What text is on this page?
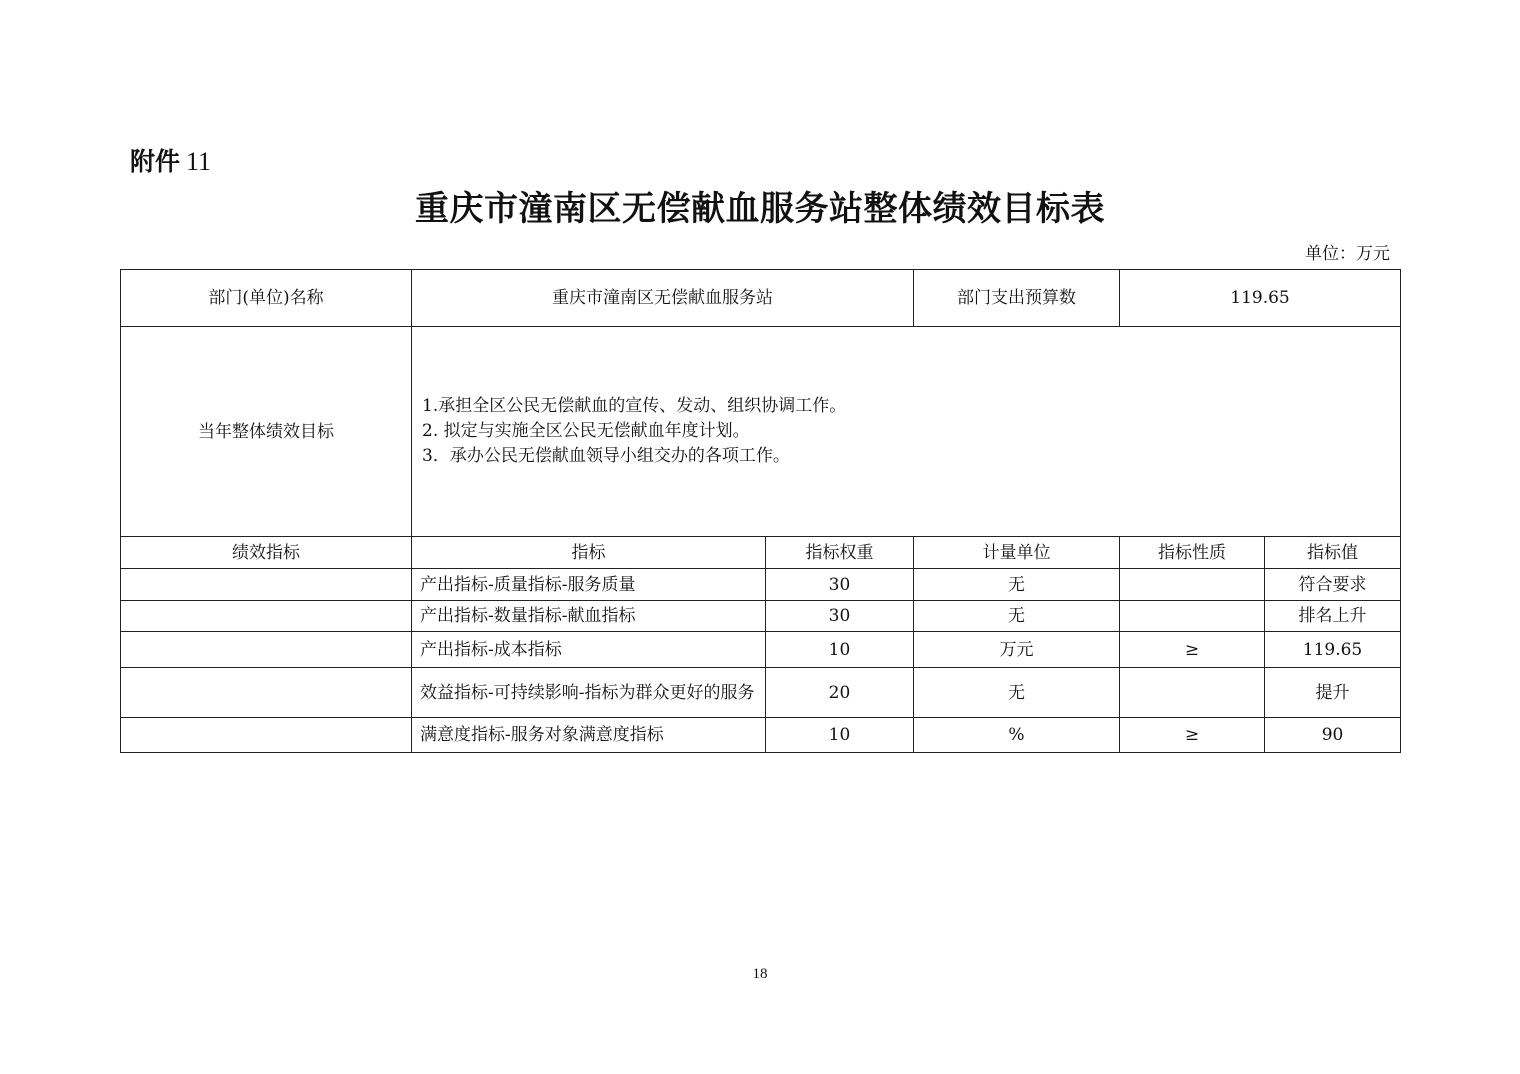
附件 11
重庆市潼南区无偿献血服务站整体绩效目标表
单位：万元
部门(单位)名称	重庆市潼南区无偿献血服务站		部门支出预算数	119.65	
当年整体绩效目标	1.承担全区公民无偿献血的宣传、发动、组织协调工作。
2. 拟定与实施全区公民无偿献血年度计划。
3．承办公民无偿献血领导小组交办的各项工作。				

绩效指标	指标	指标权重	计量单位	指标性质	指标值
	产出指标-质量指标-服务质量	30	无		符合要求
	产出指标-数量指标-献血指标	30	无		排名上升
	产出指标-成本指标	10	万元	≥	119.65
	效益指标-可持续影响-指标为群众更好的服务	20	无		提升
	满意度指标-服务对象满意度指标	10	%	≥	90
18
